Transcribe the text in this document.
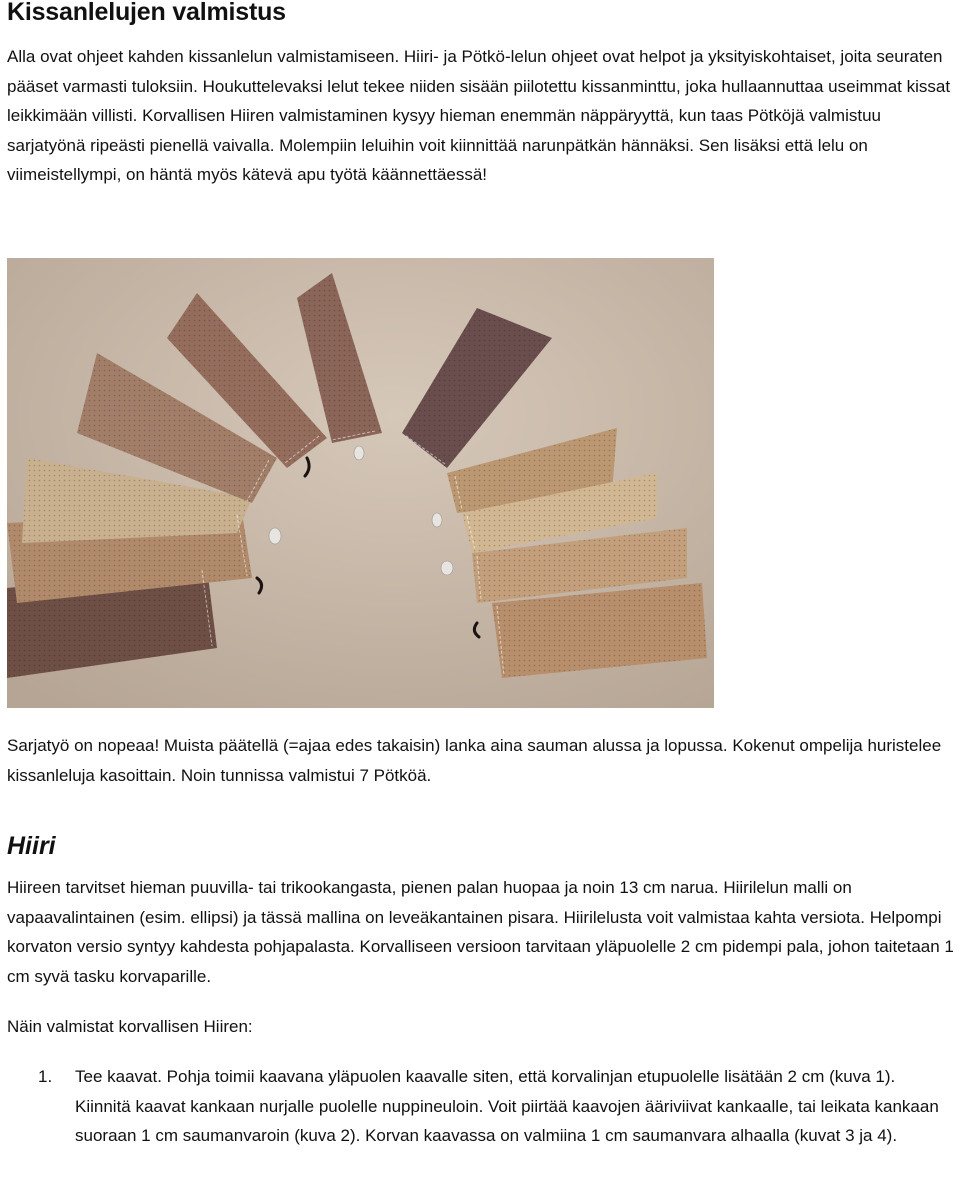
Kissanlelujen valmistus

Alla ovat ohjeet kahden kissanlelun valmistamiseen. Hiiri- ja Pötkö-lelun ohjeet ovat helpot ja yksityiskohtaiset, joita seuraten pääset varmasti tuloksiin. Houkuttelevaksi lelut tekee niiden sisään piilotettu kissanminttu, joka hullaannuttaa useimmat kissat leikkimään villisti. Korvallisen Hiiren valmistaminen kysyy hieman enemmän näppäryyttä, kun taas Pötköjä valmistuu sarjatyönä ripeästi pienellä vaivalla. Molempiin leluihin voit kiinnittää narunpätkän hännäksi. Sen lisäksi että lelu on viimeistellympi, on häntä myös kätevä apu työtä käännettäessä!

Sarjatyö on nopeaa! Muista päätellä (=ajaa edes takaisin) lanka aina sauman alussa ja lopussa. Kokenut ompelija huristelee kissanleluja kasoittain. Noin tunnissa valmistui 7 Pötköä.

Hiiri

Hiireen tarvitset hieman puuvilla- tai trikookangasta, pienen palan huopaa ja noin 13 cm narua. Hiirilelun malli on vapaavalintainen (esim. ellipsi) ja tässä mallina on leveäkantainen pisara. Hiirilelusta voit valmistaa kahta versiota. Helpompi korvaton versio syntyy kahdesta pohjapalasta. Korvalliseen versioon tarvitaan yläpuolelle 2 cm pidempi pala, johon taitetaan 1 cm syvä tasku korvaparille.

Näin valmistat korvallisen Hiiren:

1. Tee kaavat. Pohja toimii kaavana yläpuolen kaavalle siten, että korvalinjan etupuolelle lisätään 2 cm (kuva 1). Kiinnitä kaavat kankaan nurjalle puolelle nuppineuloin. Voit piirtää kaavojen ääriviivat kankaalle, tai leikata kankaan suoraan 1 cm saumanvaroin (kuva 2). Korvan kaavassa on valmiina 1 cm saumanvara alhaalla (kuvat 3 ja 4).
